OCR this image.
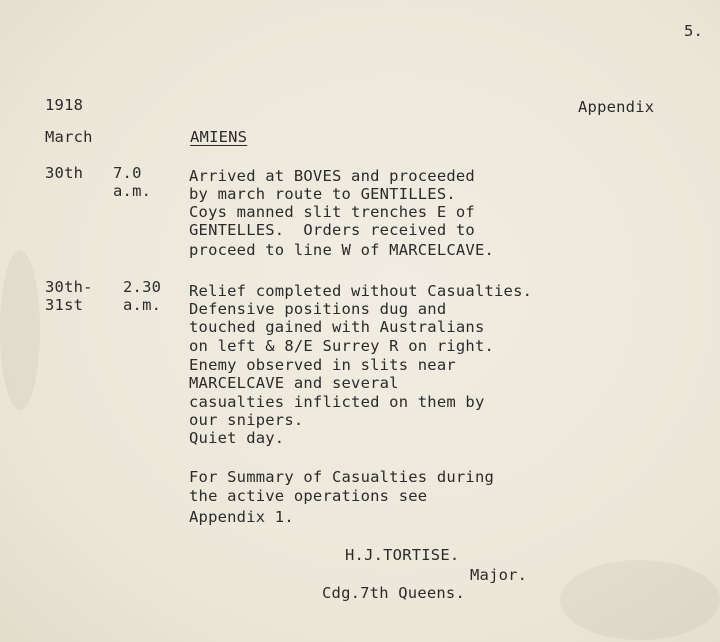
5.
1918	Appendix
March	AMIENS
30th 7.0
a.m.
Arrived at BOVES and proceeded
by march route to GENTILLES.
Coys manned slit trenches E of
GENTELLES.  Orders received to
proceed to line W of MARCELCAVE.
30th-
31st
2.30
a.m.
Relief completed without Casualties.
Defensive positions dug and
touched gained with Australians
on left & 8/E Surrey R on right.
Enemy observed in slits near
MARCELCAVE and several
casualties inflicted on them by
our snipers.
Quiet day.
For Summary of Casualties during
the active operations see
Appendix 1.
H.J.TORTISE.
Major.
Cdg.7th Queens.
